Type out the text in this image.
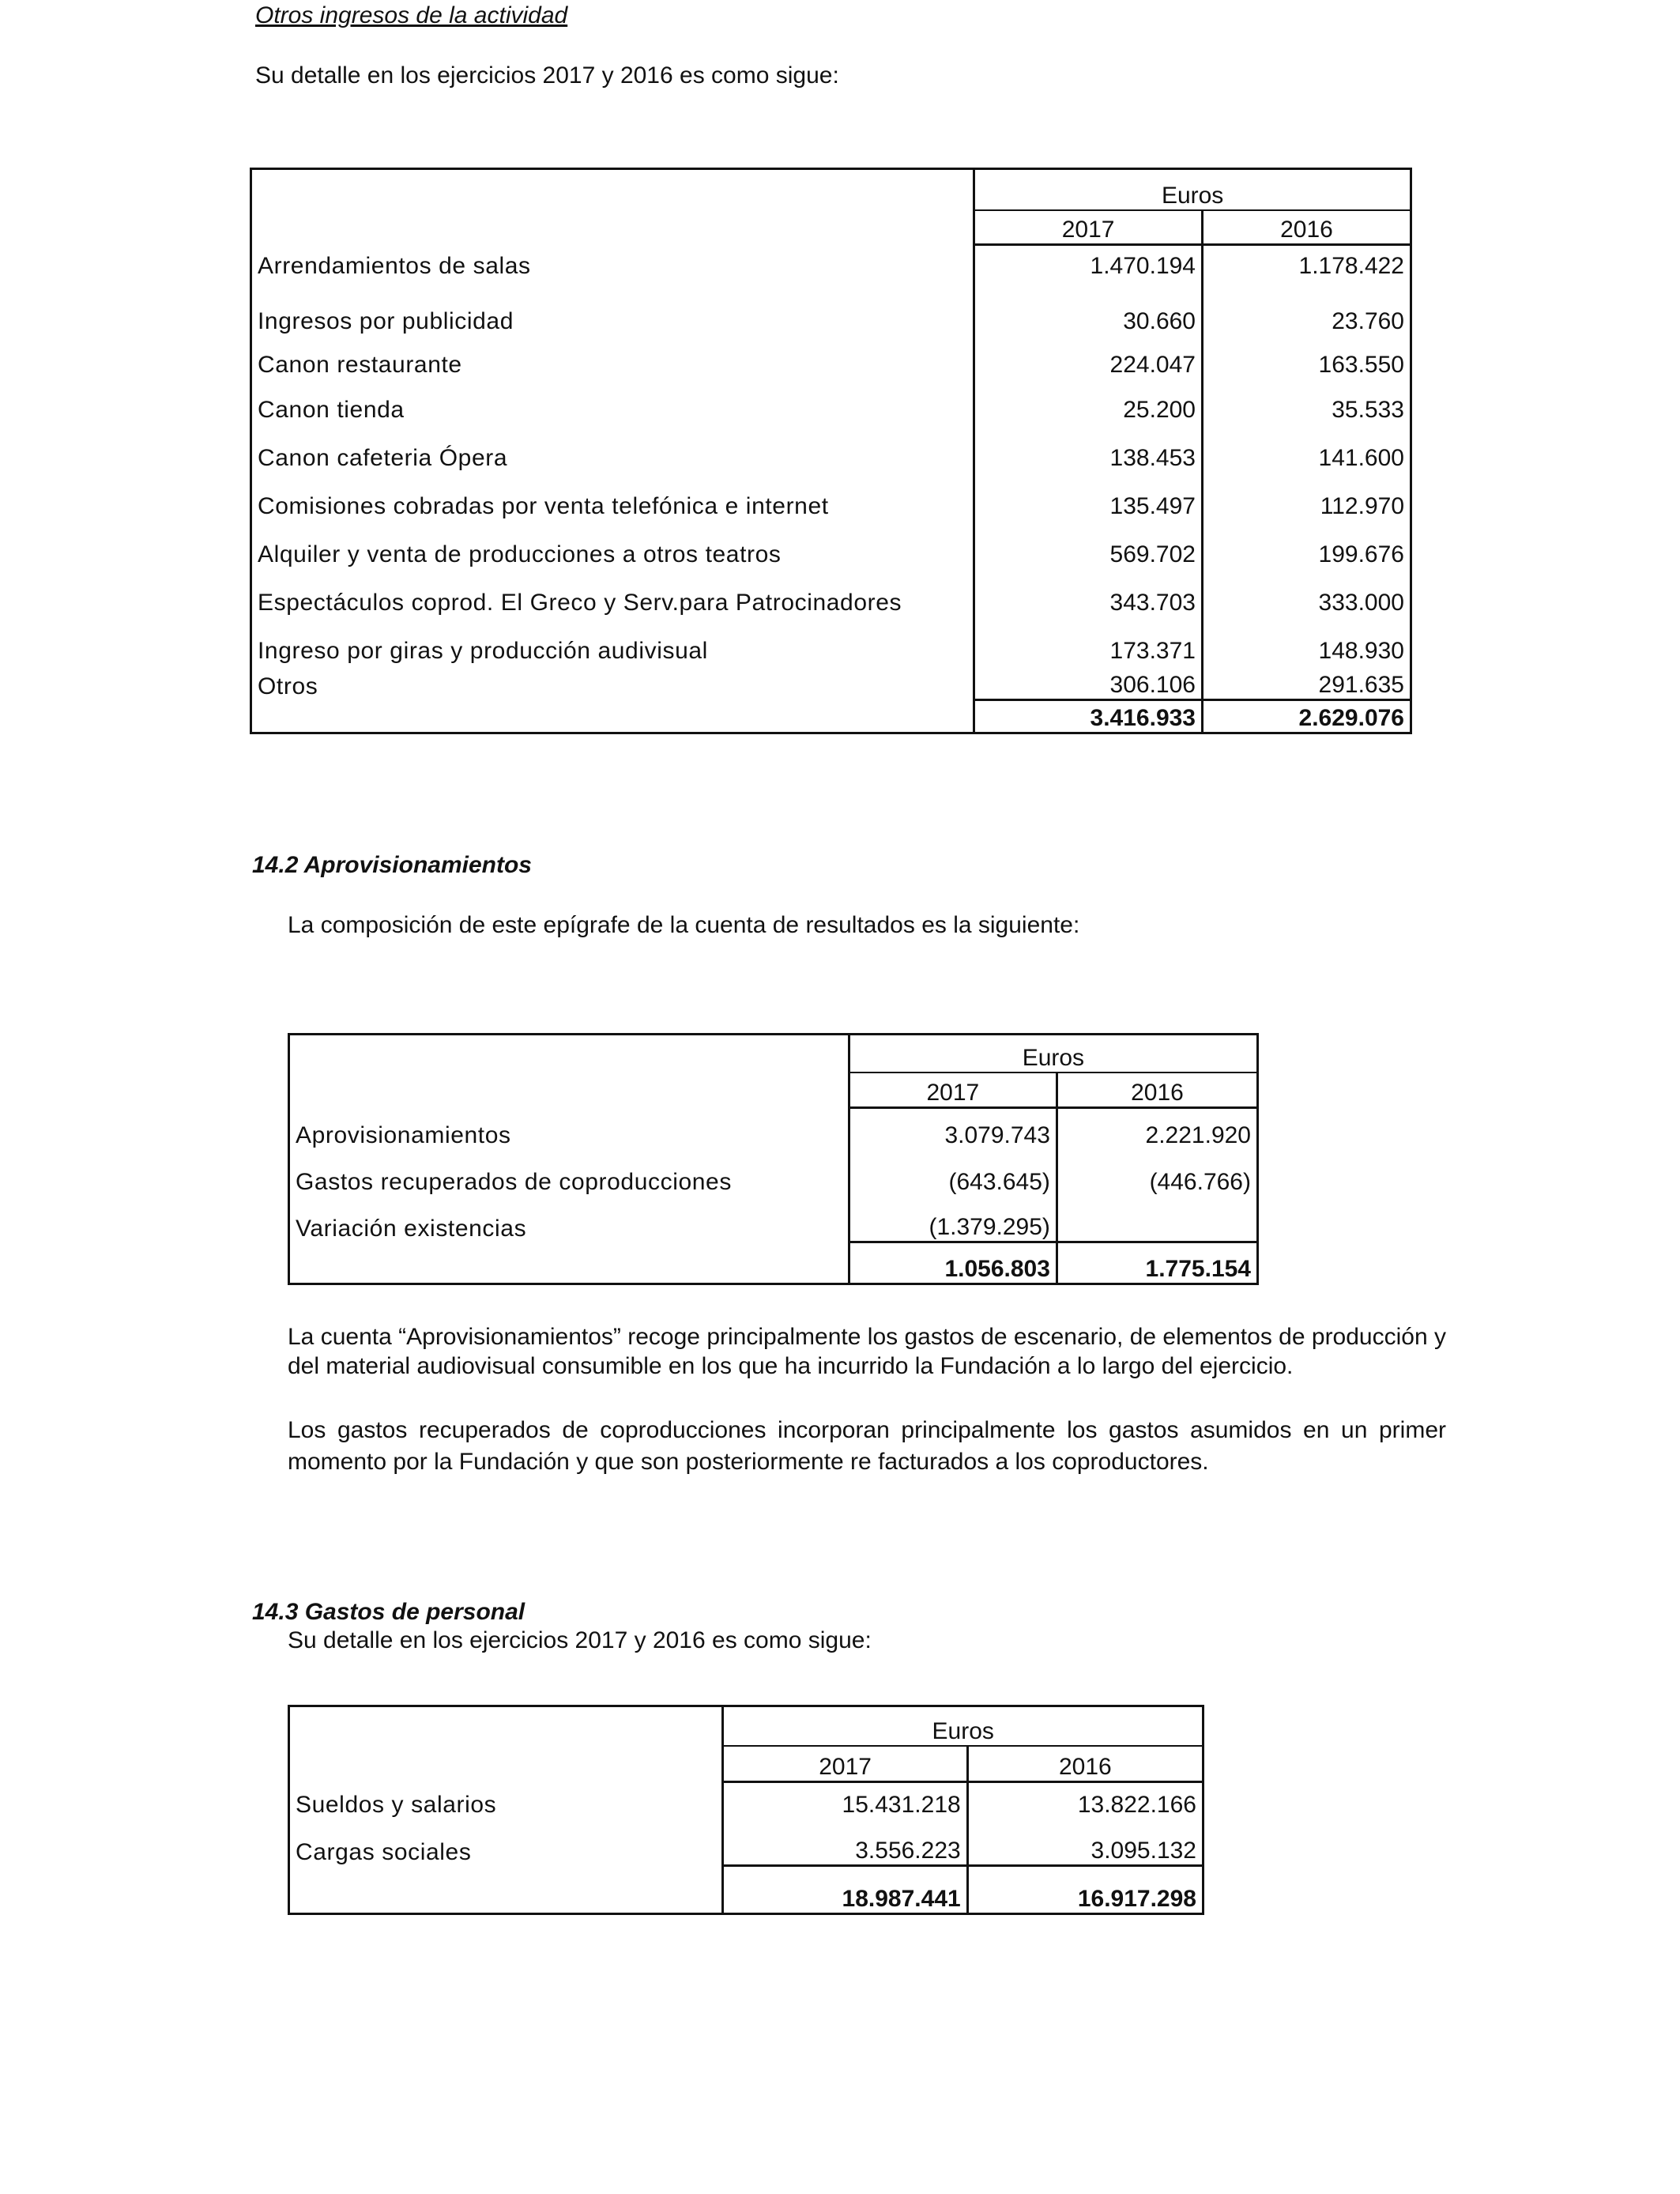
Otros ingresos de la actividad
Su detalle en los ejercicios 2017 y 2016 es como sigue:
	Euros	
	2017	2016
Arrendamientos de salas	1.470.194	1.178.422
Ingresos por publicidad	30.660	23.760
Canon restaurante	224.047	163.550
Canon tienda	25.200	35.533
Canon cafeteria Ópera	138.453	141.600
Comisiones cobradas por venta telefónica e internet	135.497	112.970
Alquiler y venta de producciones a otros teatros	569.702	199.676
Espectáculos coprod. El Greco y Serv.para Patrocinadores	343.703	333.000
Ingreso por giras y producción audivisual	173.371	148.930
Otros	306.106	291.635
	3.416.933	2.629.076
14.2 Aprovisionamientos
La composición de este epígrafe de la cuenta de resultados es la siguiente:
	Euros	
	2017	2016
Aprovisionamientos	3.079.743	2.221.920
Gastos recuperados de coproducciones	(643.645)	(446.766)
Variación existencias	(1.379.295)	
	1.056.803	1.775.154
La cuenta “Aprovisionamientos” recoge principalmente los gastos de escenario, de elementos de producción y del material audiovisual consumible en los que ha incurrido la Fundación a lo largo del ejercicio.
Los gastos recuperados de coproducciones incorporan principalmente los gastos asumidos en un primer momento por la Fundación y que son posteriormente re facturados a los coproductores.
14.3 Gastos de personal
Su detalle en los ejercicios 2017 y 2016 es como sigue:
	Euros	
	2017	2016
Sueldos y salarios	15.431.218	13.822.166
Cargas sociales	3.556.223	3.095.132
	18.987.441	16.917.298
